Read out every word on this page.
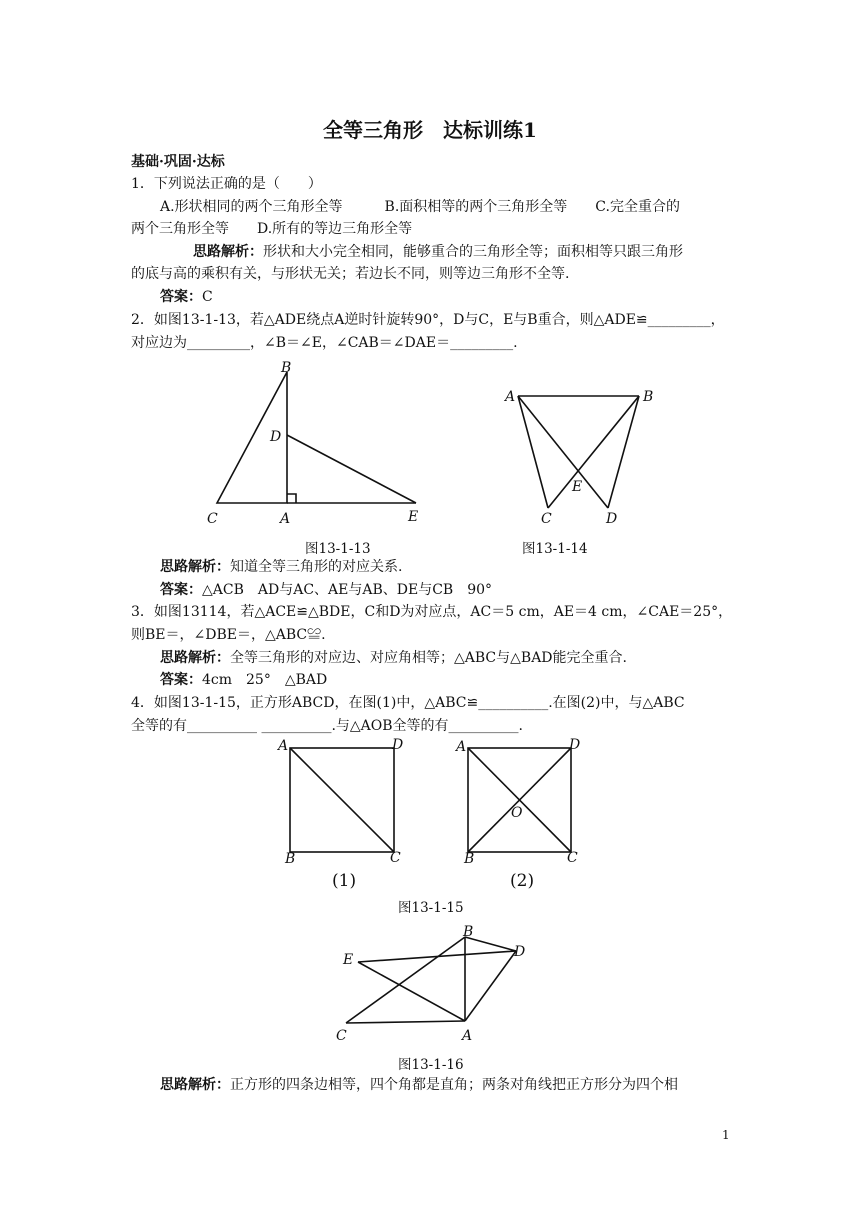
全等三角形　达标训练1
基础·巩固·达标
1．下列说法正确的是（　　）
A.形状相同的两个三角形全等　　　B.面积相等的两个三角形全等　　C.完全重合的
两个三角形全等　　D.所有的等边三角形全等
思路解析：形状和大小完全相同，能够重合的三角形全等；面积相等只跟三角形
的底与高的乘积有关，与形状无关；若边长不同，则等边三角形不全等.
答案：C
2．如图13-1-13，若△ADE绕点A逆时针旋转90°，D与C，E与B重合，则△ADE≌_________，
对应边为_________，∠B＝∠E，∠CAB＝∠DAE＝_________.
B
D
C	A	E
A	B
E
C	D
图13-1-13	图13-1-14
思路解析：知道全等三角形的对应关系.
答案：△ACB　AD与AC、AE与AB、DE与CB　90°
3．如图13114，若△ACE≌△BDE，C和D为对应点，AC＝5 cm，AE＝4 cm，∠CAE＝25°，
则BE＝，∠DBE＝，△ABC≌.
思路解析：全等三角形的对应边、对应角相等；△ABC与△BAD能完全重合.
答案：4cm　25°　△BAD
4．如图13-1-15，正方形ABCD，在图(1)中，△ABC≌__________.在图(2)中，与△ABC
全等的有__________ __________.与△AOB全等的有__________.
A	D
B	C
(1)
A	D
O
B	C
(2)
图13-1-15
B
D
E
C	A
图13-1-16
思路解析：正方形的四条边相等，四个角都是直角；两条对角线把正方形分为四个相
1
